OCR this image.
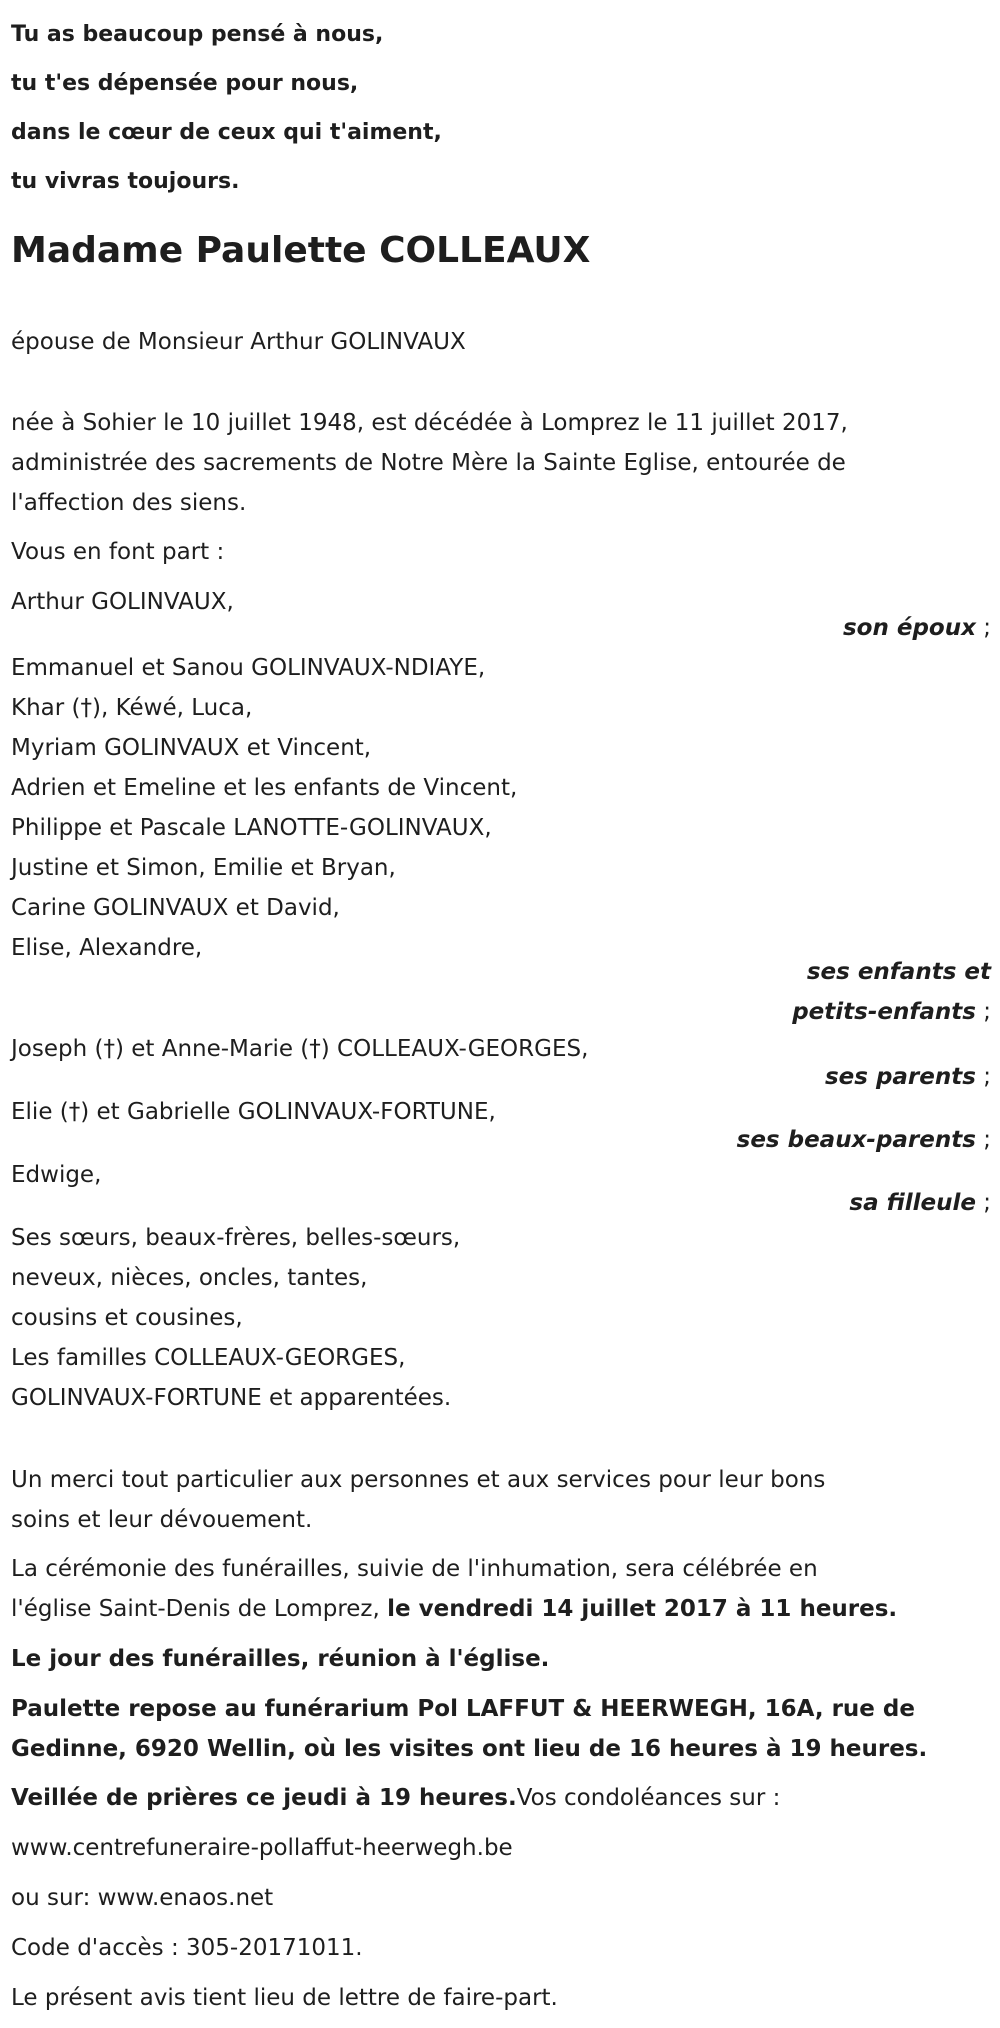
Tu as beaucoup pensé à nous,
tu t'es dépensée pour nous,
dans le cœur de ceux qui t'aiment,
tu vivras toujours.
Madame Paulette COLLEAUX
épouse de Monsieur Arthur GOLINVAUX
née à Sohier le 10 juillet 1948, est décédée à Lomprez le 11 juillet 2017,
administrée des sacrements de Notre Mère la Sainte Eglise, entourée de
l'affection des siens.
Vous en font part :
Arthur GOLINVAUX,
son époux ;
Emmanuel et Sanou GOLINVAUX-NDIAYE,
Khar (†), Kéwé, Luca,
Myriam GOLINVAUX et Vincent,
Adrien et Emeline et les enfants de Vincent,
Philippe et Pascale LANOTTE-GOLINVAUX,
Justine et Simon, Emilie et Bryan,
Carine GOLINVAUX et David,
Elise, Alexandre,
ses enfants et
petits-enfants ;
Joseph (†) et Anne-Marie (†) COLLEAUX-GEORGES,
ses parents ;
Elie (†) et Gabrielle GOLINVAUX-FORTUNE,
ses beaux-parents ;
Edwige,
sa filleule ;
Ses sœurs, beaux-frères, belles-sœurs,
neveux, nièces, oncles, tantes,
cousins et cousines,
Les familles COLLEAUX-GEORGES,
GOLINVAUX-FORTUNE et apparentées.
Un merci tout particulier aux personnes et aux services pour leur bons
soins et leur dévouement.
La cérémonie des funérailles, suivie de l'inhumation, sera célébrée en
l'église Saint-Denis de Lomprez, le vendredi 14 juillet 2017 à 11 heures.
Le jour des funérailles, réunion à l'église.
Paulette repose au funérarium Pol LAFFUT & HEERWEGH, 16A, rue de
Gedinne, 6920 Wellin, où les visites ont lieu de 16 heures à 19 heures.
Veillée de prières ce jeudi à 19 heures.Vos condoléances sur :
www.centrefuneraire-pollaffut-heerwegh.be
ou sur: www.enaos.net
Code d'accès : 305-20171011.
Le présent avis tient lieu de lettre de faire-part.
